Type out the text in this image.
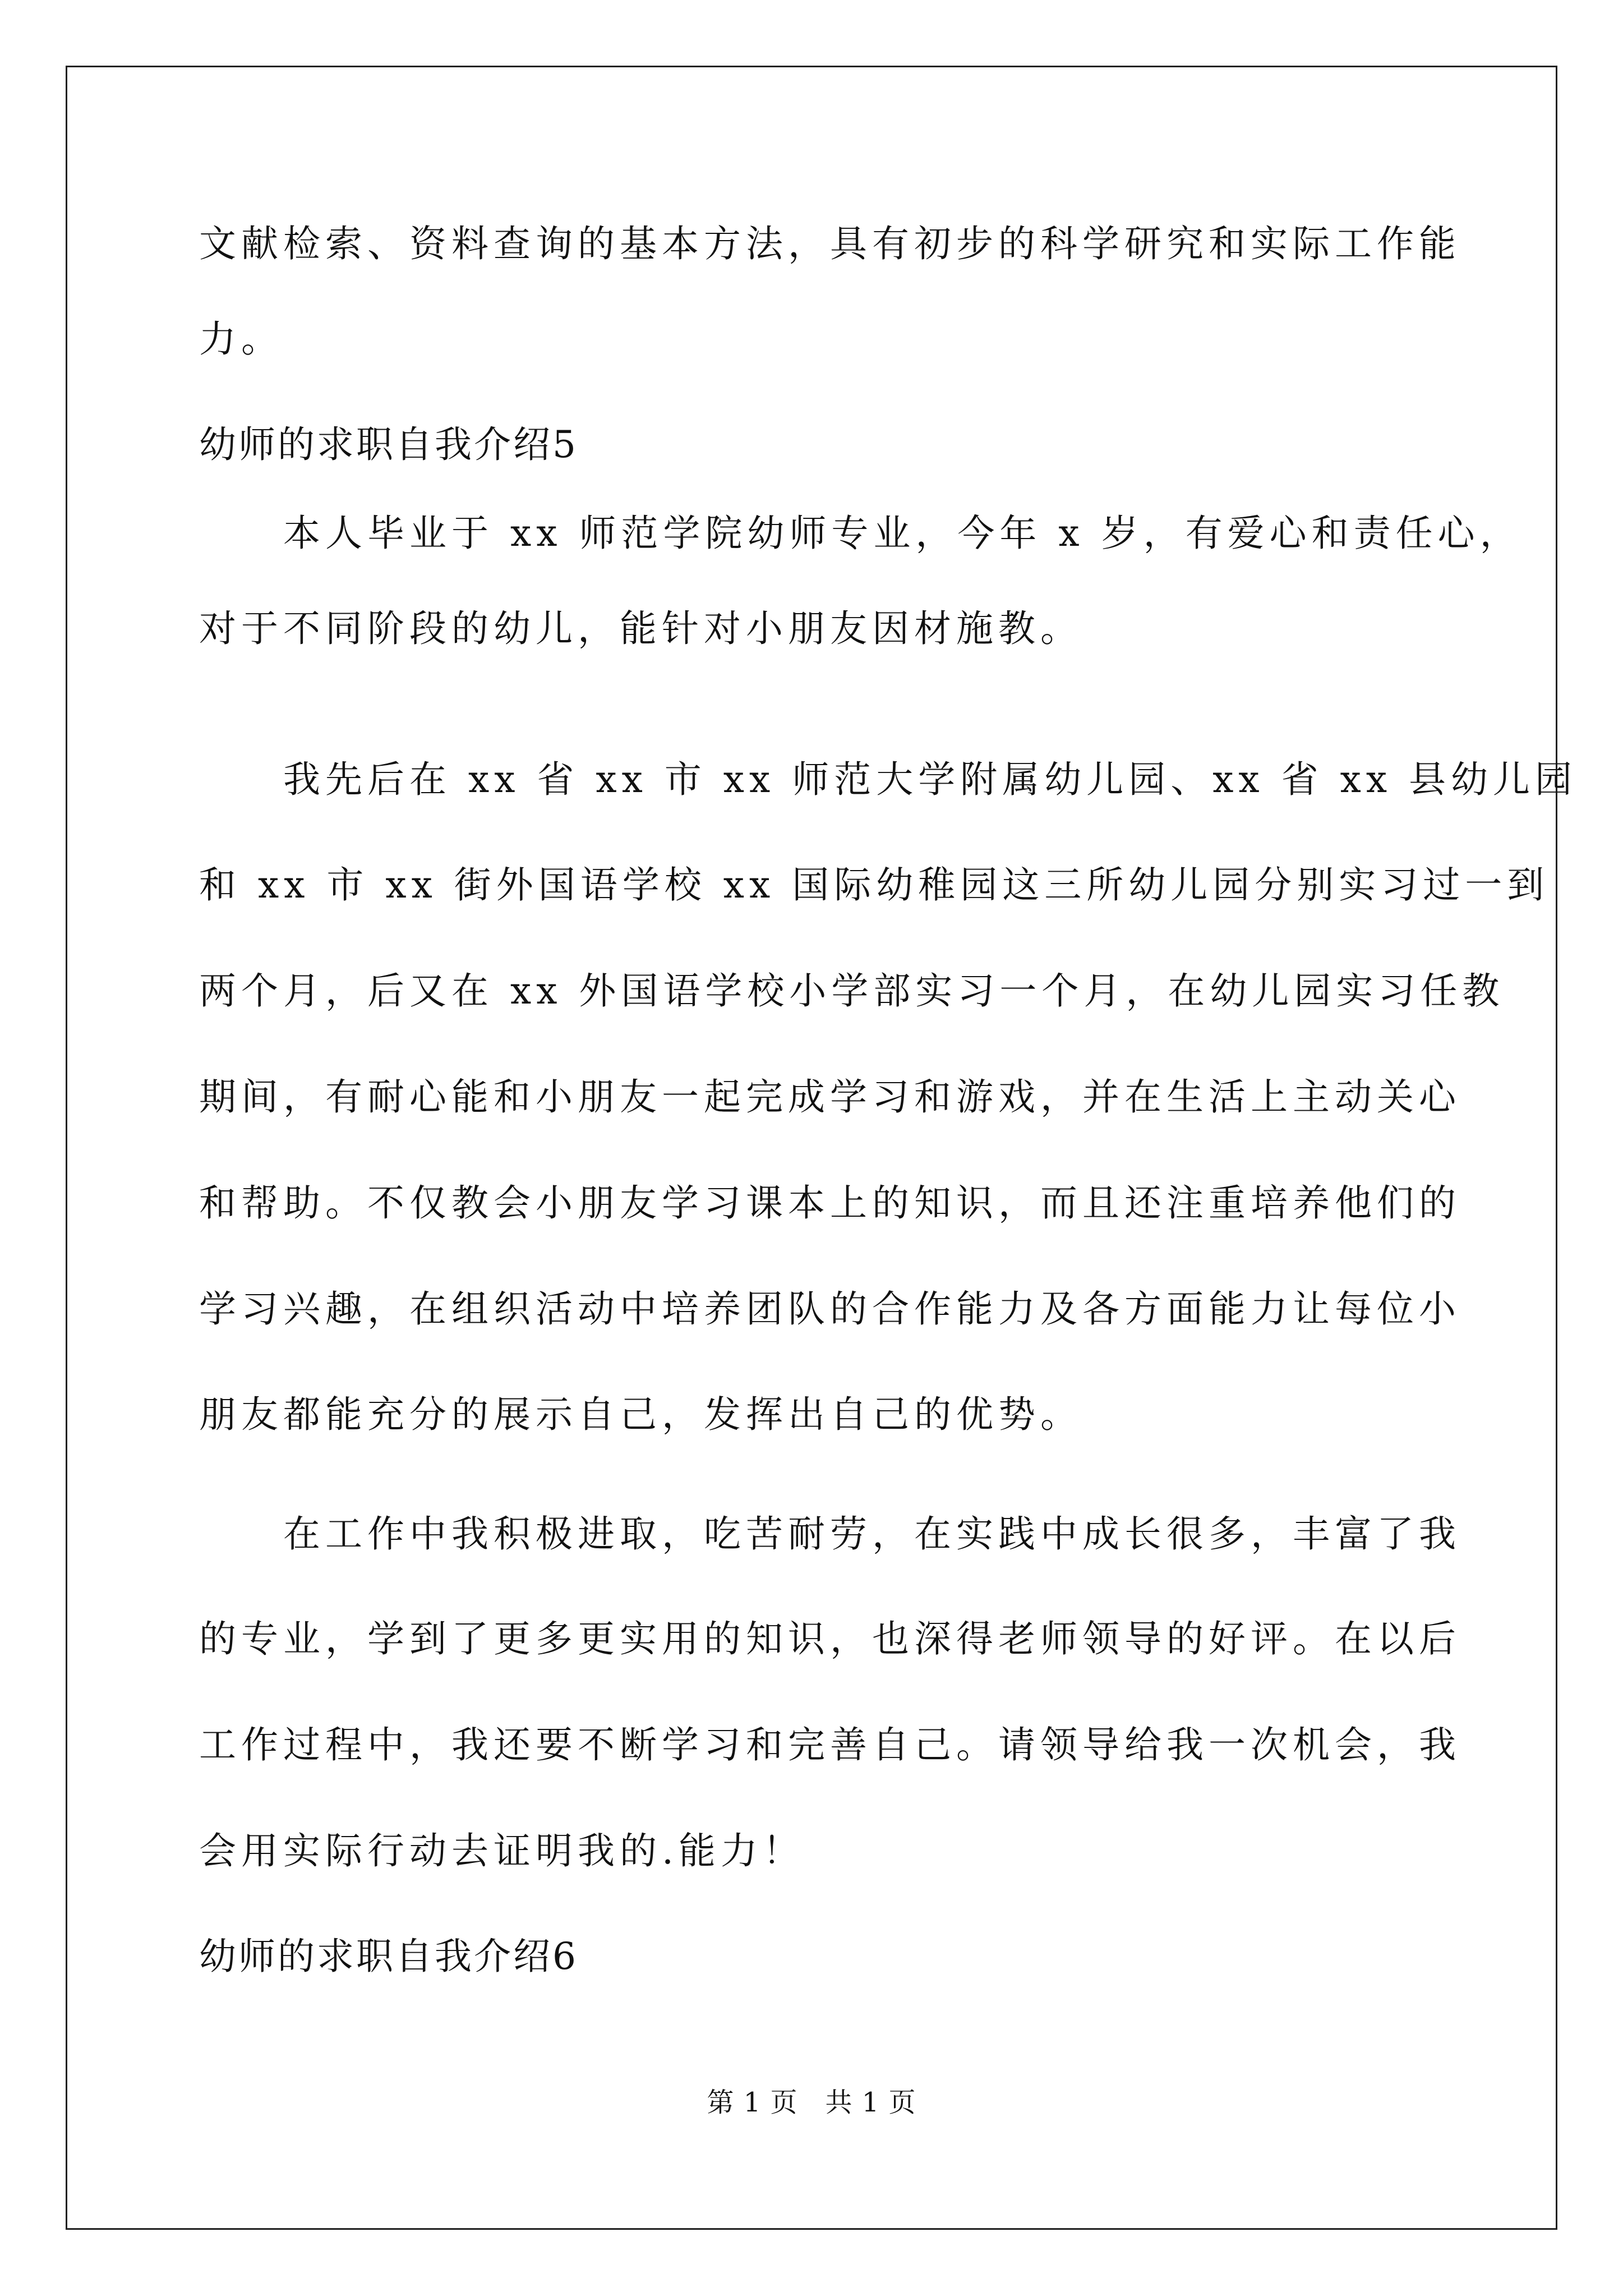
文献检索、资料查询的基本方法，具有初步的科学研究和实际工作能
力。
幼师的求职自我介绍5
　　本人毕业于 xx 师范学院幼师专业，今年 x 岁，有爱心和责任心，
对于不同阶段的幼儿，能针对小朋友因材施教。
　　我先后在 xx 省 xx 市 xx 师范大学附属幼儿园、xx 省 xx 县幼儿园
和 xx 市 xx 街外国语学校 xx 国际幼稚园这三所幼儿园分别实习过一到
两个月，后又在 xx 外国语学校小学部实习一个月，在幼儿园实习任教
期间，有耐心能和小朋友一起完成学习和游戏，并在生活上主动关心
和帮助。不仅教会小朋友学习课本上的知识，而且还注重培养他们的
学习兴趣，在组织活动中培养团队的合作能力及各方面能力让每位小
朋友都能充分的展示自己，发挥出自己的优势。
　　在工作中我积极进取，吃苦耐劳，在实践中成长很多，丰富了我
的专业，学到了更多更实用的知识，也深得老师领导的好评。在以后
工作过程中，我还要不断学习和完善自己。请领导给我一次机会，我
会用实际行动去证明我的.能力！
幼师的求职自我介绍6
第 1 页　共 1 页
